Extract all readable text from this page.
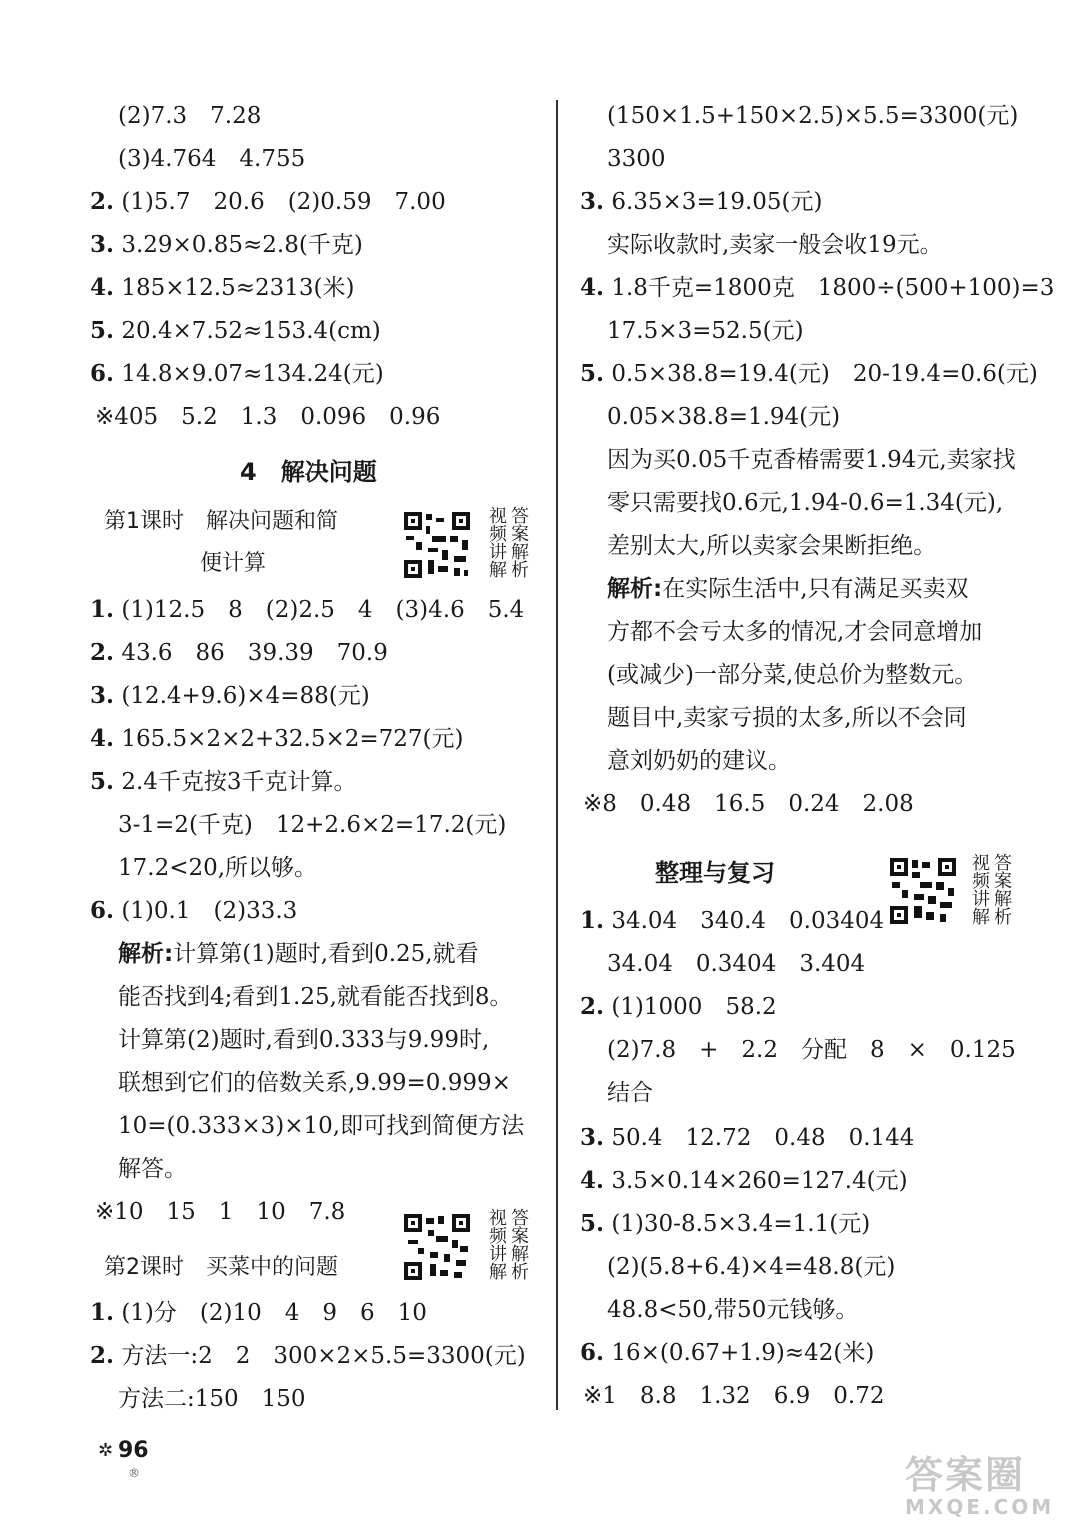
(2)7.3　7.28
(3)4.764　4.755
2. (1)5.7　20.6　(2)0.59　7.00
3. 3.29×0.85≈2.8(千克)
4. 185×12.5≈2313(米)
5. 20.4×7.52≈153.4(cm)
6. 14.8×9.07≈134.24(元)
※405　5.2　1.3　0.096　0.96
4　解决问题
第1课时　解决问题和简
便计算
视 答
频 案
讲 解
解 析
1. (1)12.5　8　(2)2.5　4　(3)4.6　5.4
2. 43.6　86　39.39　70.9
3. (12.4+9.6)×4=88(元)
4. 165.5×2×2+32.5×2=727(元)
5. 2.4千克按3千克计算。
3-1=2(千克)　12+2.6×2=17.2(元)
17.2<20,所以够。
6. (1)0.1　(2)33.3
解析:计算第(1)题时,看到0.25,就看
能否找到4;看到1.25,就看能否找到8。
计算第(2)题时,看到0.333与9.99时,
联想到它们的倍数关系,9.99=0.999×
10=(0.333×3)×10,即可找到简便方法
解答。
※10　15　1　10　7.8
第2课时　买菜中的问题
视 答
频 案
讲 解
解 析
1. (1)分　(2)10　4　9　6　10
2. 方法一:2　2　300×2×5.5=3300(元)
方法二:150　150
(150×1.5+150×2.5)×5.5=3300(元)
3300
3. 6.35×3=19.05(元)
实际收款时,卖家一般会收19元。
4. 1.8千克=1800克　1800÷(500+100)=3
17.5×3=52.5(元)
5. 0.5×38.8=19.4(元)　20-19.4=0.6(元)
0.05×38.8=1.94(元)
因为买0.05千克香椿需要1.94元,卖家找
零只需要找0.6元,1.94-0.6=1.34(元),
差别太大,所以卖家会果断拒绝。
解析:在实际生活中,只有满足买卖双
方都不会亏太多的情况,才会同意增加
(或减少)一部分菜,使总价为整数元。
题目中,卖家亏损的太多,所以不会同
意刘奶奶的建议。
※8　0.48　16.5　0.24　2.08
整理与复习	视 答
频 案
讲 解
解 析
1. 34.04　340.4　0.03404
34.04　0.3404　3.404
2. (1)1000　58.2
(2)7.8　+　2.2　分配　8　×　0.125
结合
3. 50.4　12.72　0.48　0.144
4. 3.5×0.14×260=127.4(元)
5. (1)30-8.5×3.4=1.1(元)
(2)(5.8+6.4)×4=48.8(元)
48.8<50,带50元钱够。
6. 16×(0.67+1.9)≈42(米)
※1　8.8　1.32　6.9　0.72
✲ 96
®	答案圈
MXQE.COM
